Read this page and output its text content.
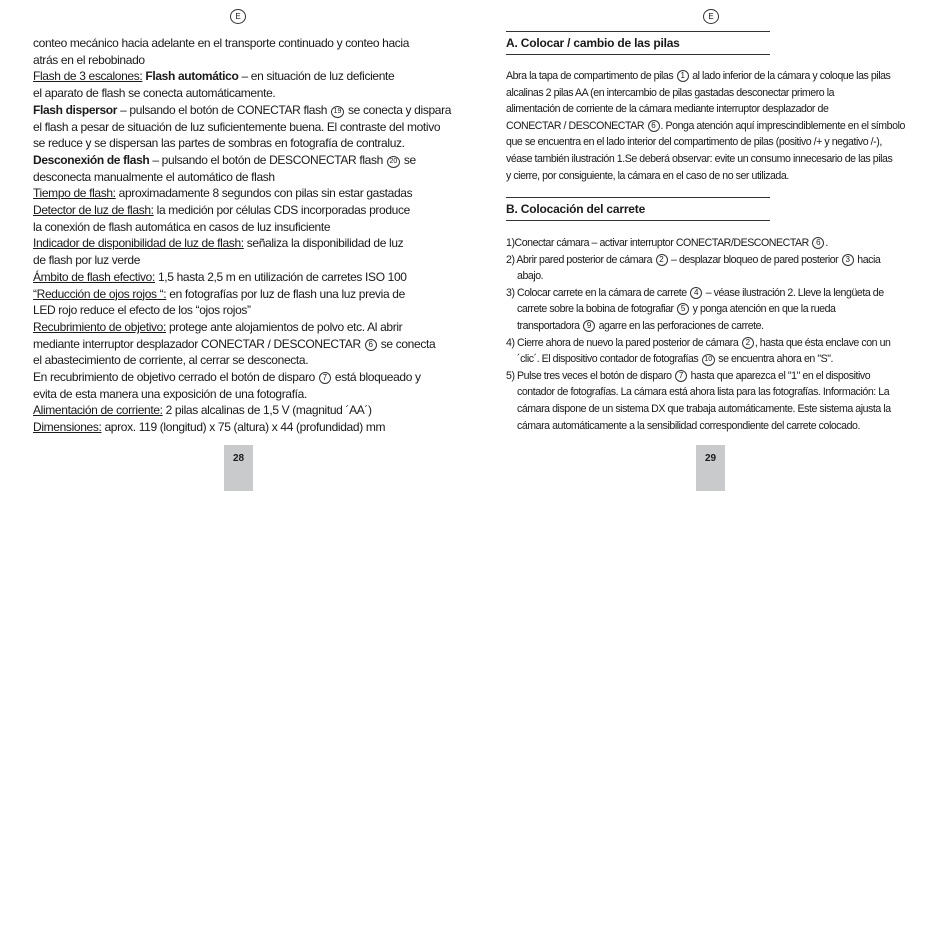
E
conteo mecánico hacia adelante en el transporte continuado y conteo hacia
atrás en el rebobinado
Flash de 3 escalones: Flash automático – en situación de luz deficiente
el aparato de flash se conecta automáticamente.
Flash dispersor – pulsando el botón de CONECTAR flash 19 se conecta y dispara
el flash a pesar de situación de luz suficientemente buena. El contraste del motivo
se reduce y se dispersan las partes de sombras en fotografía de contraluz.
Desconexión de flash – pulsando el botón de DESCONECTAR flash 20 se
desconecta manualmente el automático de flash
Tiempo de flash: aproximadamente 8 segundos con pilas sin estar gastadas
Detector de luz de flash: la medición por células CDS incorporadas produce
la conexión de flash automática en casos de luz insuficiente
Indicador de disponibilidad de luz de flash: señaliza la disponibilidad de luz
de flash por luz verde
Ámbito de flash efectivo: 1,5 hasta 2,5 m en utilización de carretes ISO 100
“Reducción de ojos rojos “: en fotografías por luz de flash una luz previa de
LED rojo reduce el efecto de los “ojos rojos”
Recubrimiento de objetivo: protege ante alojamientos de polvo etc. Al abrir
mediante interruptor desplazador CONECTAR / DESCONECTAR 6 se conecta
el abastecimiento de corriente, al cerrar se desconecta.
En recubrimiento de objetivo cerrado el botón de disparo 7 está bloqueado y
evita de esta manera una exposición de una fotografía.
Alimentación de corriente: 2 pilas alcalinas de 1,5 V (magnitud ´AA´)
Dimensiones: aprox. 119 (longitud) x 75 (altura) x 44 (profundidad) mm
28
E
A. Colocar / cambio de las pilas
Abra la tapa de compartimento de pilas 1 al lado inferior de la cámara y coloque las pilas
alcalinas 2 pilas AA (en intercambio de pilas gastadas desconectar primero la
alimentación de corriente de la cámara mediante interruptor desplazador de
CONECTAR / DESCONECTAR 6 . Ponga atención aquí imprescindiblemente en el símbolo
que se encuentra en el lado interior del compartimento de pilas (positivo /+ y negativo /-),
véase también ilustración 1.Se deberá observar: evite un consumo innecesario de las pilas
y cierre, por consiguiente, la cámara en el caso de no ser utilizada.
B. Colocación del carrete
1)Conectar cámara – activar interruptor CONECTAR/DESCONECTAR 6 .
2) Abrir pared posterior de cámara 2 – desplazar bloqueo de pared posterior 3 hacia
abajo.
3) Colocar carrete en la cámara de carrete 4 – véase ilustración 2. Lleve la lengüeta de
carrete sobre la bobina de fotografiar 5 y ponga atención en que la rueda
transportadora 9 agarre en las perforaciones de carrete.
4) Cierre ahora de nuevo la pared posterior de cámara 2 , hasta que ésta enclave con un
´clic´. El dispositivo contador de fotografías 10 se encuentra ahora en "S".
5) Pulse tres veces el botón de disparo 7 hasta que aparezca el "1" en el dispositivo
contador de fotografías. La cámara está ahora lista para las fotografías. Información: La
cámara dispone de un sistema DX que trabaja automáticamente. Este sistema ajusta la
cámara automáticamente a la sensibilidad correspondiente del carrete colocado.
29
